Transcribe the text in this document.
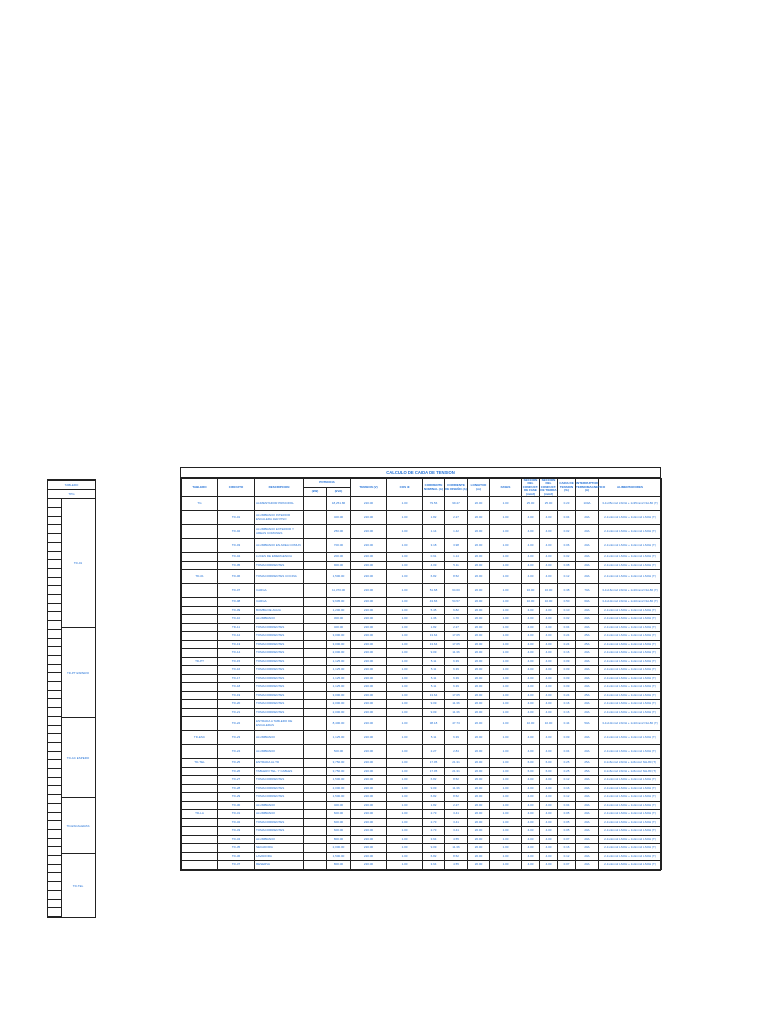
TABLERO
TPG
TD-01
TD-PT ESPERO
TD-AC ESPERO
TD-ESCALERAS
TD-TEL
CALCULO DE CAIDA DE TENSION
TABLERO	CIRCUITO	DESCRIPCION	POTENCIA		TENSION (V)	COS Φ	CORRIENTE NOMINAL (A)	CORRIENTE DE DISEÑO (A)	LONGITUD (m)	FASES	SECCION DEL CONDUCT. DE FASE (mm2)	SECCION DEL CONDUCT. DE TIERRA (mm2)	CAIDA DE TENSION (%)	INTERRUPTOR TERMOMAGNETICO (A)	ALIMENTADORES
			(kW)	(kVA)											
TG		ALIMENTADOR PRINCIPAL		18,251.86	220.00	1.00	79.56	99.47	20.00	1.00	25.00	25.00	0.23	100A	3-1x35mm2 LSOH + 1x35mm2 NH-80 (T)
	TD-01	ALUMBRADO INTERIOR ESCALERA 1ER PISO		400.00	220.00	1.00	1.82	2.27	20.00	1.00	4.00	4.00	0.04	20A	2-1x4mm2 LSOH + 1x4mm2 LSOH (T)
	TD-02	ALUMBRADO EXTERIOR Y AREAS COMUNES		250.00	220.00	1.00	1.14	1.42	20.00	1.00	4.00	4.00	0.02	20A	2-1x4mm2 LSOH + 1x4mm2 LSOH (T)
	TD-03	ALUMBRADO EN AREA COMUN		700.00	220.00	1.00	3.18	3.98	20.00	1.00	4.00	4.00	0.06	20A	2-1x4mm2 LSOH + 1x4mm2 LSOH (T)
	TD-04	LUCES DE EMERGENCIA		200.00	220.00	1.00	0.91	1.14	20.00	1.00	4.00	4.00	0.02	20A	2-1x4mm2 LSOH + 1x4mm2 LSOH (T)
	TD-05	TOMACORRIENTES		900.00	220.00	1.00	4.09	5.11	20.00	1.00	4.00	4.00	0.08	20A	2-1x4mm2 LSOH + 1x4mm2 LSOH (T)
TD-01	TD-06	TOMACORRIENTES COCINA		1,500.00	220.00	1.00	6.82	8.52	20.00	1.00	4.00	4.00	0.12	20A	2-1x4mm2 LSOH + 1x4mm2 LSOH (T)
	TD-07	CARGA		11,370.00	220.00	1.00	51.68	64.60	20.00	1.00	16.00	16.00	0.38	70A	3-1x16mm2 LSOH + 1x16mm2 NH-80 (T)
	TD-08	CARGA		9,605.00	220.00	1.00	43.66	54.57	20.00	1.00	10.00	10.00	0.50	60A	3-1x10mm2 LSOH + 1x10mm2 NH-80 (T)
	TD-09	BOMBA DE AGUA		1,200.00	220.00	1.00	5.45	6.82	20.00	1.00	4.00	4.00	0.10	20A	2-1x4mm2 LSOH + 1x4mm2 LSOH (T)
	TD-10	ALUMBRADO		300.00	220.00	1.00	1.36	1.70	20.00	1.00	4.00	4.00	0.02	20A	2-1x4mm2 LSOH + 1x4mm2 LSOH (T)
	TD-11	TOMACORRIENTES		400.00	220.00	1.00	1.82	2.27	20.00	1.00	4.00	4.00	0.04	20A	2-1x4mm2 LSOH + 1x4mm2 LSOH (T)
	TD-12	TOMACORRIENTES		3,000.00	220.00	1.00	13.64	17.05	20.00	1.00	4.00	4.00	0.24	25A	2-1x4mm2 LSOH + 1x4mm2 LSOH (T)
	TD-13	TOMACORRIENTES		3,000.00	220.00	1.00	13.64	17.05	20.00	1.00	4.00	4.00	0.24	25A	2-1x4mm2 LSOH + 1x4mm2 LSOH (T)
	TD-14	TOMACORRIENTES		2,000.00	220.00	1.00	9.09	11.36	20.00	1.00	4.00	4.00	0.16	20A	2-1x4mm2 LSOH + 1x4mm2 LSOH (T)
TD-PT	TD-15	TOMACORRIENTES		1,125.00	220.00	1.00	5.11	6.39	20.00	1.00	4.00	4.00	0.09	20A	2-1x4mm2 LSOH + 1x4mm2 LSOH (T)
	TD-16	TOMACORRIENTES		1,125.00	220.00	1.00	5.11	6.39	20.00	1.00	4.00	4.00	0.09	20A	2-1x4mm2 LSOH + 1x4mm2 LSOH (T)
	TD-17	TOMACORRIENTES		1,125.00	220.00	1.00	5.11	6.39	20.00	1.00	4.00	4.00	0.09	20A	2-1x4mm2 LSOH + 1x4mm2 LSOH (T)
	TD-18	TOMACORRIENTES		1,125.00	220.00	1.00	5.11	6.39	20.00	1.00	4.00	4.00	0.09	20A	2-1x4mm2 LSOH + 1x4mm2 LSOH (T)
	TD-19	TOMACORRIENTES		3,000.00	220.00	1.00	13.64	17.05	20.00	1.00	4.00	4.00	0.24	25A	2-1x4mm2 LSOH + 1x4mm2 LSOH (T)
	TD-20	TOMACORRIENTES		2,000.00	220.00	1.00	9.09	11.36	20.00	1.00	4.00	4.00	0.16	20A	2-1x4mm2 LSOH + 1x4mm2 LSOH (T)
	TD-21	TOMACORRIENTES		2,000.00	220.00	1.00	9.09	11.36	20.00	1.00	4.00	4.00	0.16	20A	2-1x4mm2 LSOH + 1x4mm2 LSOH (T)
	TD-22	ENTRADA A TABLERO DE ESCALERAS		8,400.00	220.00	1.00	38.18	47.73	20.00	1.00	10.00	10.00	0.44	50A	3-1x10mm2 LSOH + 1x10mm2 NH-80 (T)
TD-ESC	TD-23	ALUMBRADO		1,125.00	220.00	1.00	5.11	6.39	20.00	1.00	4.00	4.00	0.09	20A	2-1x4mm2 LSOH + 1x4mm2 LSOH (T)
	TD-24	ALUMBRADO		500.00	220.00	1.00	2.27	2.84	20.00	1.00	4.00	4.00	0.04	20A	2-1x4mm2 LSOH + 1x4mm2 LSOH (T)
TD-TEL	TD-25	ENTRADA AL TD		3,750.00	220.00	1.00	17.05	21.31	20.00	1.00	6.00	6.00	0.25	25A	3-1x6mm2 LSOH + 1x6mm2 NH-80 (T)
	TD-26	TABLERO TEL. Y CABLES		3,750.00	220.00	1.00	17.05	21.31	20.00	1.00	6.00	6.00	0.25	25A	3-1x6mm2 LSOH + 1x6mm2 NH-80 (T)
	TD-27	TOMACORRIENTES		1,500.00	220.00	1.00	6.82	8.52	20.00	1.00	4.00	4.00	0.12	20A	2-1x4mm2 LSOH + 1x4mm2 LSOH (T)
	TD-28	TOMACORRIENTES		2,000.00	220.00	1.00	9.09	11.36	20.00	1.00	4.00	4.00	0.16	20A	2-1x4mm2 LSOH + 1x4mm2 LSOH (T)
	TD-29	TOMACORRIENTES		1,500.00	220.00	1.00	6.82	8.52	20.00	1.00	4.00	4.00	0.12	20A	2-1x4mm2 LSOH + 1x4mm2 LSOH (T)
	TD-30	ALUMBRADO		400.00	220.00	1.00	1.82	2.27	20.00	1.00	4.00	4.00	0.04	20A	2-1x4mm2 LSOH + 1x4mm2 LSOH (T)
TD-LA	TD-31	ALUMBRADO		600.00	220.00	1.00	2.73	3.41	20.00	1.00	4.00	4.00	0.05	20A	2-1x4mm2 LSOH + 1x4mm2 LSOH (T)
	TD-32	TOMACORRIENTES		600.00	220.00	1.00	2.73	3.41	20.00	1.00	4.00	4.00	0.05	20A	2-1x4mm2 LSOH + 1x4mm2 LSOH (T)
	TD-33	TOMACORRIENTES		600.00	220.00	1.00	2.73	3.41	20.00	1.00	4.00	4.00	0.05	20A	2-1x4mm2 LSOH + 1x4mm2 LSOH (T)
	TD-34	ALUMBRADO		800.00	220.00	1.00	3.64	4.55	20.00	1.00	4.00	4.00	0.07	20A	2-1x4mm2 LSOH + 1x4mm2 LSOH (T)
	TD-35	SECADORA		2,000.00	220.00	1.00	9.09	11.36	20.00	1.00	4.00	4.00	0.16	20A	2-1x4mm2 LSOH + 1x4mm2 LSOH (T)
	TD-36	LAVADORA		1,500.00	220.00	1.00	6.82	8.52	20.00	1.00	4.00	4.00	0.12	20A	2-1x4mm2 LSOH + 1x4mm2 LSOH (T)
	TD-37	RESERVA		800.00	220.00	1.00	3.64	4.55	20.00	1.00	4.00	4.00	0.07	20A	2-1x4mm2 LSOH + 1x4mm2 LSOH (T)
